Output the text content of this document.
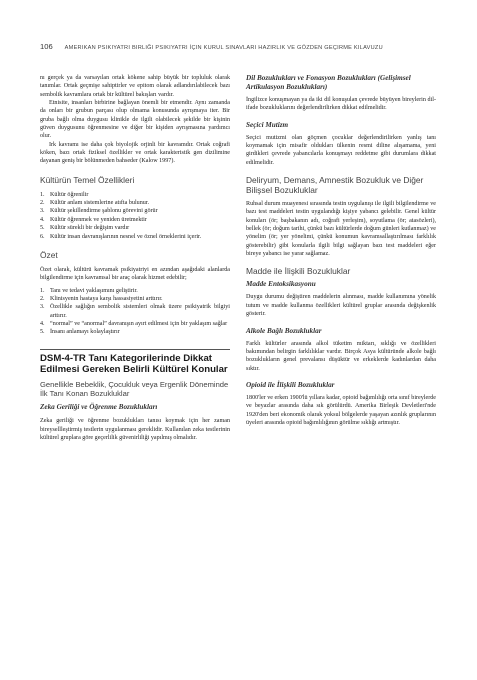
106 AMERIKAN PSIKIYATRI BIRLIĞI PSIKIYATRI İÇIN KURUL SINAVLARI HAZIRLIK VE GÖZDEN GEÇIRME KILAVUZU

nı gerçek ya da varsayılan ortak kökene sahip büyük bir topluluk olarak tanımlar. Ortak geçmişe sahiptirler ve epitom olarak adlandırılabilecek bazı sembolik kavramlara ortak bir kültürel bakışları vardır.

Etnisite, insanları birbirine bağlayan önemli bir etmendir. Aynı zamanda da onları bir grubun parçası olup olmama konusunda ayrışmaya iter. Bir gruba bağlı olma duygusu klinikle de ilgili olabilecek şekilde bir kişinin güven duygusunu öğrenmesine ve diğer bir kişiden ayrışmasına yardımcı olur.

Irk kavramı ise daha çok biyolojik orjinli bir kavramdır. Ortak coğrafi köken, bazı ortak fiziksel özellikler ve ortak karakteristik gen dizilimine dayanan geniş bir bölünmeden bahseder (Kalow 1997).

Kültürün Temel Özellikleri
1. Kültür öğrenilir
2. Kültür anlam sistemlerine atıfta bulunur.
3. Kültür şekillendirme şablonu görevini görür
4. Kültür öğrenmek ve yeniden üretmektir
5. Kültür sürekli bir değişim vardır
6. Kültür insan davranışlarının nesnel ve öznel örneklerini içerir.
Özet

Özet olarak, kültürü kavramak psikiyatriyi en azından aşağıdaki alanlarda bilgilendirme için kavramsal bir araç olarak hizmet edebilir;

1. Tanı ve tedavi yaklaşımını geliştirir.
2. Klinisyenin hastaya karşı hassasiyetini arttırır.
3. Özellikle sağlığın sembolik sistemleri olmak üzere psikiyatrik bilgiyi arttırır.
4. “normal” ve “anormal” davranışın ayırt edilmesi için bir yaklaşım sağlar
5. İnsanı anlamayı kolaylaştırır
DSM-4-TR Tanı Kategorilerinde Dikkat Edilmesi Gereken Belirli Kültürel Konular
Genellikle Bebeklik, Çocukluk veya Ergenlik Döneminde İlk Tanı Konan Bozukluklar
Zeka Geriliği ve Öğrenme Bozuklukları

Zeka geriliği ve öğrenme bozuklukları tanısı koymak için her zaman bireysellleştirmiş testlerin uygulanması gereklidir. Kullanılan zeka testlerinin kültürel gruplara göre geçerlilik güvenirliliği yapılmış olmalıdır.

Dil Bozuklukları ve Fonasyon Bozuklukları (Gelişimsel Artikulasyon Bozuklukları)

İngilizce konuşmayan ya da iki dil konuşulan çevrede büyüyen bireylerin dil-ifade bozukluklarını değerlendirilirken dikkat edilmelidir.

Seçici Mutizm

Seçici mutizmi olan göçmen çocuklar değerlendirilirken yanlış tanı koymamak için misafir oldukları ülkenin resmi diline alışamama, yeni girdikleri çevrede yabancılarla konuşmayı reddetme gibi durumlara dikkat edilmelidir.

Deliryum, Demans, Amnestik Bozukluk ve Diğer Bilişsel Bozukluklar

Ruhsal durum muayenesi sırasında testin uygulanışı ile ilgili bilgilendirme ve bazı test maddeleri testin uygulandığı kişiye yabancı gelebilir. Genel kültür konuları (ör; başbakanın adı, coğrafi yerleşim), soyutlama (ör; atasözleri), bellek (ör; doğum tarihi, çünkü bazı kültürlerde doğum günleri kutlanmaz) ve yönelim (ör; yer yönelimi, çünkü konumun kavramsallaştırılması farklılık gösterebilir) gibi konularla ilgili bilgi sağlayan bazı test maddeleri eğer bireye yabancı ise yarar sağlamaz.

Madde ile İlişkili Bozukluklar
Madde Entoksikasyonu

Duygu durumu değiştiren maddelerin alınması, madde kullanımına yönelik tutum ve madde kullanma özellikleri kültürel gruplar arasında değişkenlik gösterir.

Alkole Bağlı Bozukluklar

Farklı kültürler arasında alkol tüketim miktarı, sıklığı ve özellikleri bakımından belirgin farklılıklar vardır. Birçok Asya kültüründe alkole bağlı bozuklukların genel prevalansı düşüktür ve erkeklerde kadınlardan daha sıktır.

Opioid ile İlişkili Bozukluklar

1800'ler ve erken 1900'lü yıllara kadar, opioid bağımlılığı orta sınıf bireylerde ve beyazlar arasında daha sık görülürdü. Amerika Birleşik Devletleri'nde 1920'den beri ekonomik olarak yoksul bölgelerde yaşayan azınlık gruplarının üyeleri arasında opioid bağımlılığının görülme sıklığı artmıştır.
